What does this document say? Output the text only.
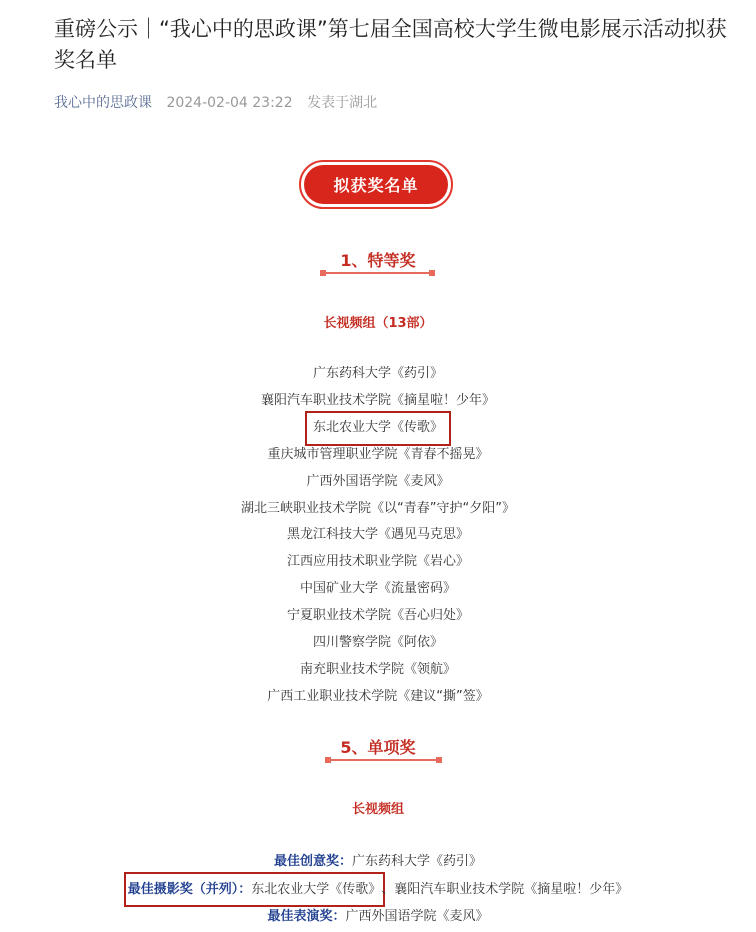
重磅公示｜“我心中的思政课”第七届全国高校大学生微电影展示活动拟获奖名单
我心中的思政课 2024-02-04 23:22 发表于湖北
拟获奖名单
1、特等奖
长视频组（13部）
广东药科大学《药引》
襄阳汽车职业技术学院《摘星啦！少年》
东北农业大学《传歌》
重庆城市管理职业学院《青春不摇晃》
广西外国语学院《麦风》
湖北三峡职业技术学院《以“青春”守护“夕阳”》
黑龙江科技大学《遇见马克思》
江西应用技术职业学院《岩心》
中国矿业大学《流量密码》
宁夏职业技术学院《吾心归处》
四川警察学院《阿依》
南充职业技术学院《领航》
广西工业职业技术学院《建议“撕”签》
5、单项奖
长视频组
最佳创意奖：广东药科大学《药引》
最佳摄影奖（并列）：东北农业大学《传歌》、襄阳汽车职业技术学院《摘星啦！少年》
最佳表演奖：广西外国语学院《麦风》
